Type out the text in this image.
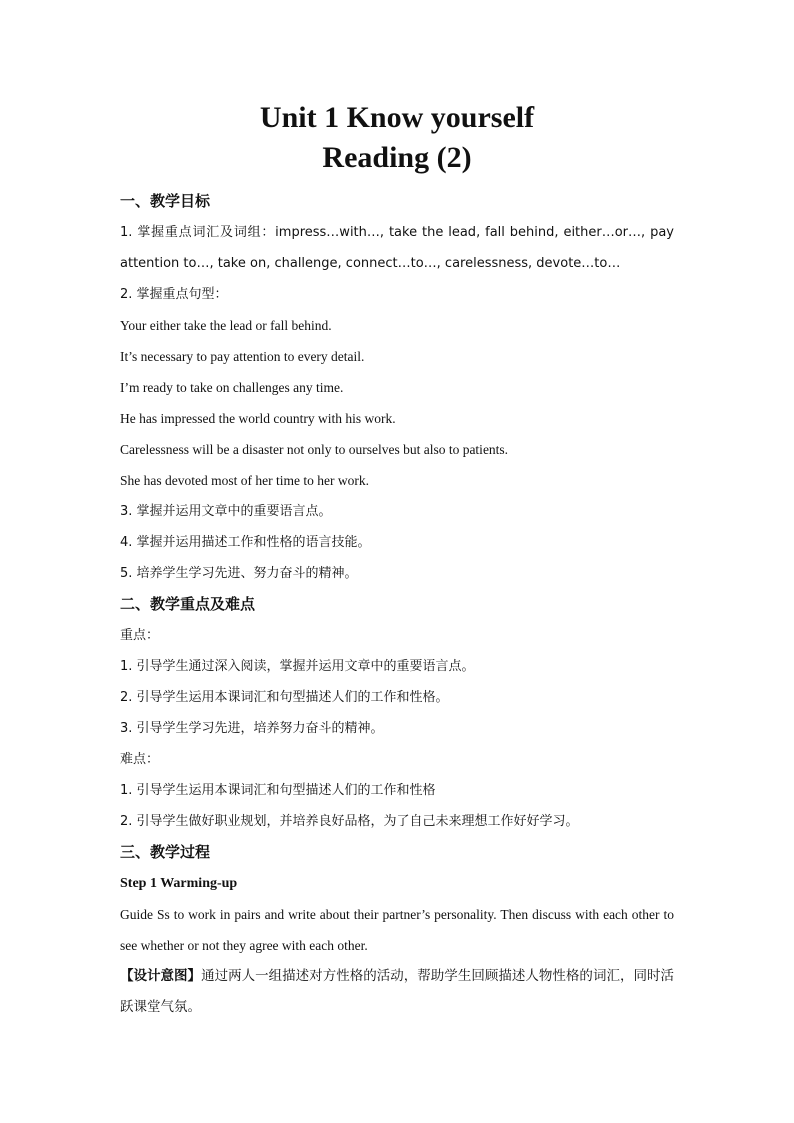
Unit 1 Know yourself
Reading (2)
一、教学目标
1. 掌握重点词汇及词组：impress…with…, take the lead, fall behind, either…or…, pay attention to…, take on, challenge, connect…to…, carelessness, devote…to…
2. 掌握重点句型：
Your either take the lead or fall behind.
It’s necessary to pay attention to every detail.
I’m ready to take on challenges any time.
He has impressed the world country with his work.
Carelessness will be a disaster not only to ourselves but also to patients.
She has devoted most of her time to her work.
3. 掌握并运用文章中的重要语言点。
4. 掌握并运用描述工作和性格的语言技能。
5. 培养学生学习先进、努力奋斗的精神。
二、教学重点及难点
重点：
1. 引导学生通过深入阅读，掌握并运用文章中的重要语言点。
2. 引导学生运用本课词汇和句型描述人们的工作和性格。
3. 引导学生学习先进，培养努力奋斗的精神。
难点：
1. 引导学生运用本课词汇和句型描述人们的工作和性格
2. 引导学生做好职业规划，并培养良好品格，为了自己未来理想工作好好学习。
三、教学过程
Step 1 Warming-up
Guide Ss to work in pairs and write about their partner’s personality. Then discuss with each other to see whether or not they agree with each other.
【设计意图】通过两人一组描述对方性格的活动，帮助学生回顾描述人物性格的词汇，同时活跃课堂气氛。
